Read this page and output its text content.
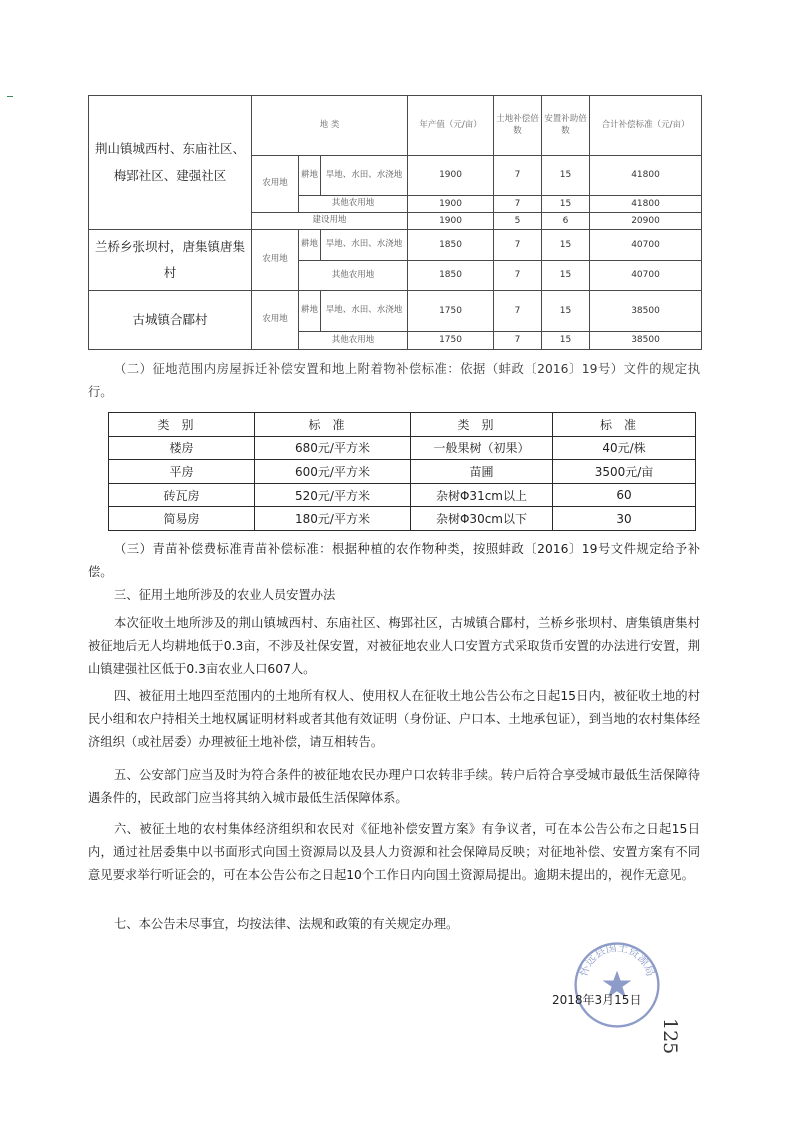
荆山镇城西村、东庙社区、梅郢社区、建强社区	地 类			年产值（元/亩）	土地补偿倍数	安置补助倍数	合计补偿标准（元/亩）
	农用地	耕地	旱地、水田、水浇地	1900	7	15	41800
		其他农用地		1900	7	15	41800
	建设用地			1900	5	6	20900
兰桥乡张坝村，唐集镇唐集村	农用地	耕地	旱地、水田、水浇地	1850	7	15	40700
		其他农用地		1850	7	15	40700
古城镇合郿村	农用地	耕地	旱地、水田、水浇地	1750	7	15	38500
		其他农用地		1750	7	15	38500

（二）征地范围内房屋拆迁补偿安置和地上附着物补偿标准：依据（蚌政〔2016〕19号）文件的规定执行。

类别	标准	类别	标准
楼房	680元/平方米	一般果树（初果）	40元/株
平房	600元/平方米	苗圃	3500元/亩
砖瓦房	520元/平方米	杂树Φ31cm以上	60
简易房	180元/平方米	杂树Φ30cm以下	30

（三）青苗补偿费标准青苗补偿标准：根据种植的农作物种类，按照蚌政〔2016〕19号文件规定给予补偿。

三、征用土地所涉及的农业人员安置办法

本次征收土地所涉及的荆山镇城西村、东庙社区、梅郢社区，古城镇合郿村，兰桥乡张坝村、唐集镇唐集村被征地后无人均耕地低于0.3亩，不涉及社保安置，对被征地农业人口安置方式采取货币安置的办法进行安置，荆山镇建强社区低于0.3亩农业人口607人。

四、被征用土地四至范围内的土地所有权人、使用权人在征收土地公告公布之日起15日内，被征收土地的村民小组和农户持相关土地权属证明材料或者其他有效证明（身份证、户口本、土地承包证），到当地的农村集体经济组织（或社居委）办理被征土地补偿，请互相转告。

五、公安部门应当及时为符合条件的被征地农民办理户口农转非手续。转户后符合享受城市最低生活保障待遇条件的，民政部门应当将其纳入城市最低生活保障体系。

六、被征土地的农村集体经济组织和农民对《征地补偿安置方案》有争议者，可在本公告公布之日起15日内，通过社居委集中以书面形式向国土资源局以及县人力资源和社会保障局反映；对征地补偿、安置方案有不同意见要求举行听证会的，可在本公告公布之日起10个工作日内向国土资源局提出。逾期未提出的，视作无意见。

七、本公告未尽事宜，均按法律、法规和政策的有关规定办理。

怀远县国土资源局
2018年3月15日
125
